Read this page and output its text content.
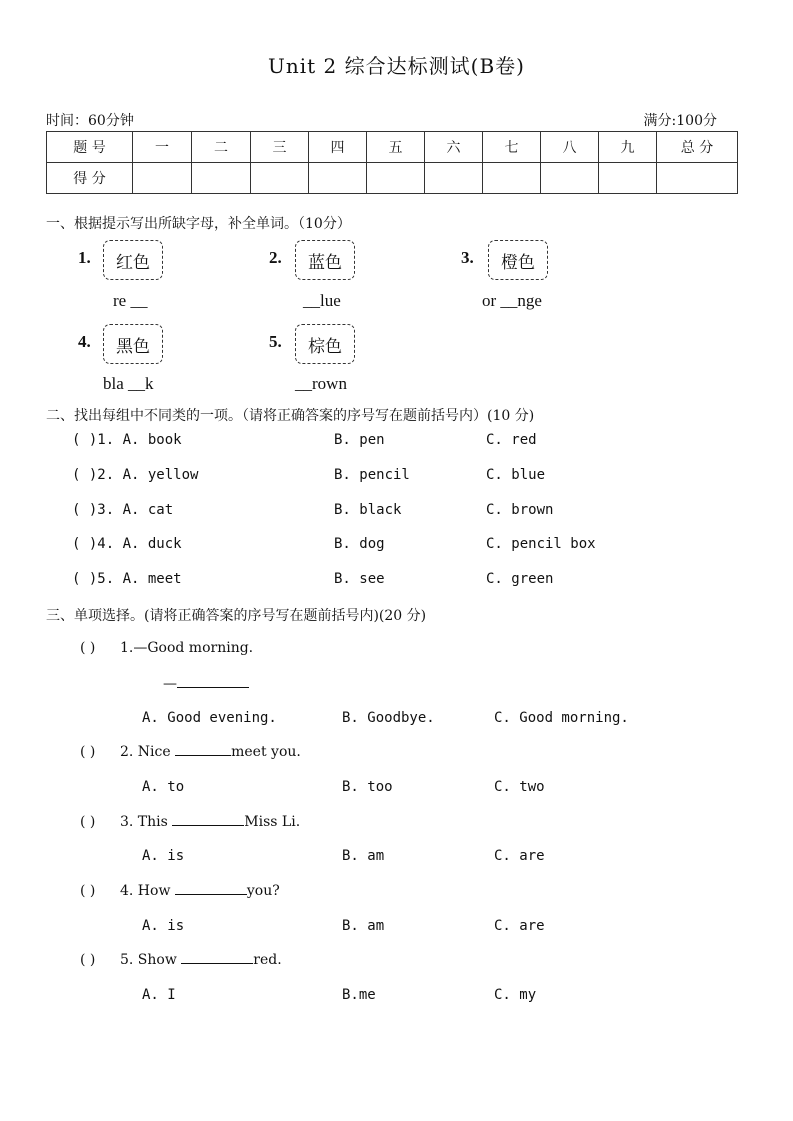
Unit 2 综合达标测试(B卷)
时间：60分钟	满分:100分
题 号	一	二	三	四	五	六	七	八	九	总 分
得 分										
一、根据提示写出所缺字母，补全单词。（10分）
1.	红色
re __
2.	蓝色
__lue
3.	橙色
or __nge
4.	黑色
bla __k
5.	棕色
__rown
二、找出每组中不同类的一项。（请将正确答案的序号写在题前括号内）(10 分)
( )1. A. book	B. pen	C. red
( )2. A. yellow	B. pencil	C. blue
( )3. A. cat	B. black	C. brown
( )4. A. duck	B. dog	C. pencil box
( )5. A. meet	B. see	C. green
三、单项选择。(请将正确答案的序号写在题前括号内)(20 分)
( ) 1.—Good morning.
—
A. Good evening.	B. Goodbye.	C. Good morning.
( ) 2. Nice	meet you.
A. to	B. too	C. two
( ) 3. This	Miss Li.
A. is	B. am	C. are
( ) 4. How	you?
A. is	B. am	C. are
( ) 5. Show	red.
A. I	B.me	C. my
